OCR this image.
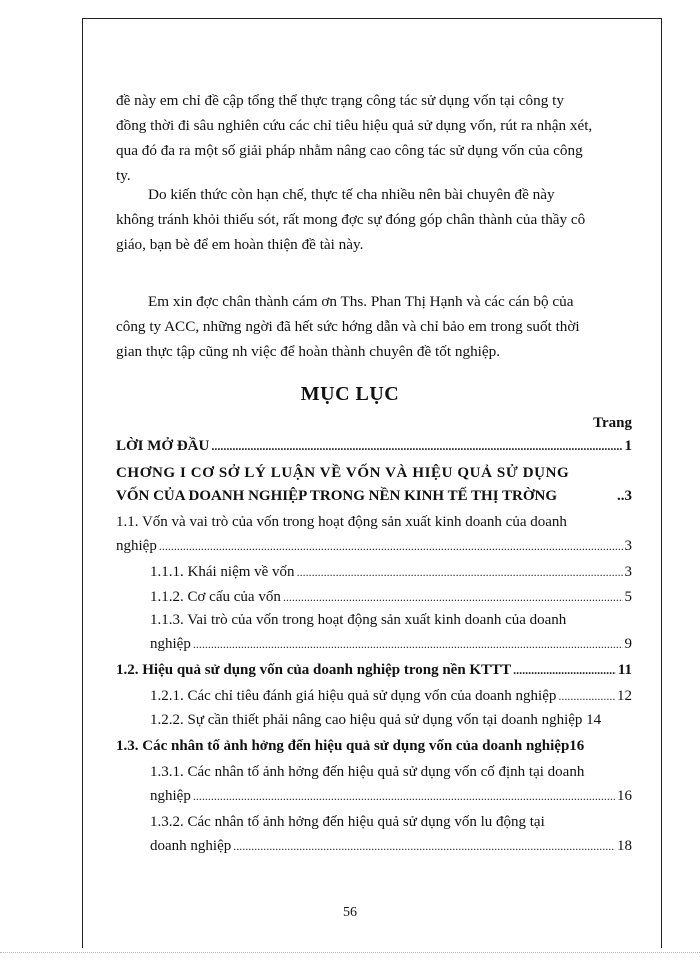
đề này em chỉ đề cập tổng thể thực trạng công tác sử dụng vốn tại công ty
đồng thời đi sâu nghiên cứu các chỉ tiêu hiệu quả sử dụng vốn, rút ra nhận xét,
qua đó đa ra một số giải pháp nhằm nâng cao công tác sử dụng vốn của công
ty.
Do kiến thức còn hạn chế, thực tế cha nhiều nên bài chuyên đề này
không tránh khỏi thiếu sót, rất mong đợc sự đóng góp chân thành của thầy cô
giáo, bạn bè để em hoàn thiện đề tài này.
Em xin đợc chân thành cám ơn Ths. Phan Thị Hạnh và các cán bộ của
công ty ACC, những ngời đã hết sức hớng dẫn và chỉ bảo em trong suốt thời
gian thực tập cũng nh việc để hoàn thành chuyên đề tốt nghiệp.
MỤC LỤC
Trang
LỜI MỞ ĐẦU .....	1
CHƠNG I CƠ SỞ LÝ LUẬN VỀ VỐN VÀ HIỆU QUẢ SỬ DỤNG
VỐN CỦA DOANH NGHIỆP TRONG NỀN KINH TẾ THỊ TRỜNG	..3
1.1. Vốn và vai trò của vốn trong hoạt động sản xuất kinh doanh của doanh
nghiệp .....	3
1.1.1. Khái niệm về vốn .....	3
1.1.2. Cơ cấu của vốn .....	5
1.1.3. Vai trò của vốn trong hoạt động sản xuất kinh doanh của doanh
nghiệp .....	9
1.2. Hiệu quả sử dụng vốn của doanh nghiệp trong nền KTTT .....	11
1.2.1. Các chỉ tiêu đánh giá hiệu quả sử dụng vốn của doanh nghiệp .....	12
1.2.2. Sự cần thiết phải nâng cao hiệu quả sử dụng vốn tại doanh nghiệp 14
1.3. Các nhân tố ảnh hởng đến hiệu quả sử dụng vốn của doanh nghiệp16
1.3.1. Các nhân tố ảnh hởng đến hiệu quả sử dụng vốn cố định tại doanh
nghiệp .....	16
1.3.2. Các nhân tố ảnh hởng đến hiệu quả sử dụng vốn lu động tại
doanh nghiệp .....	18
56
